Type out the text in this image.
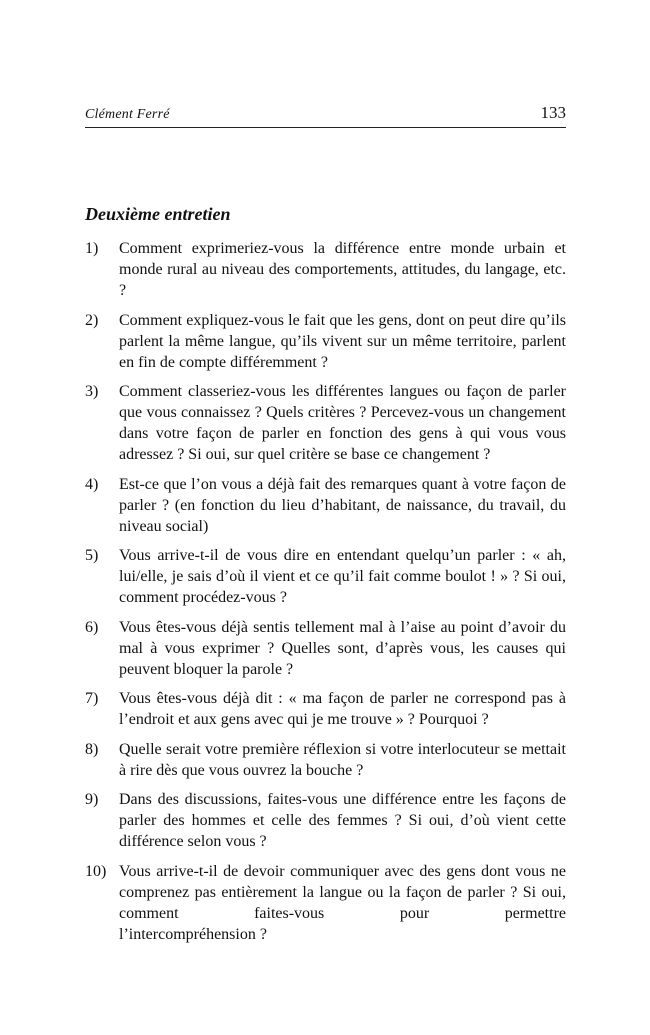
Clément Ferré	133
Deuxième entretien
1) Comment exprimeriez-vous la différence entre monde urbain et monde rural au niveau des comportements, attitudes, du langage, etc. ?
2) Comment expliquez-vous le fait que les gens, dont on peut dire qu’ils parlent la même langue, qu’ils vivent sur un même territoire, parlent en fin de compte différemment ?
3) Comment classeriez-vous les différentes langues ou façon de parler que vous connaissez ? Quels critères ? Percevez-vous un changement dans votre façon de parler en fonction des gens à qui vous vous adressez ? Si oui, sur quel critère se base ce changement ?
4) Est-ce que l’on vous a déjà fait des remarques quant à votre façon de parler ? (en fonction du lieu d’habitant, de naissance, du travail, du niveau social)
5) Vous arrive-t-il de vous dire en entendant quelqu’un parler : « ah, lui/elle, je sais d’où il vient et ce qu’il fait comme boulot ! » ? Si oui, comment procédez-vous ?
6) Vous êtes-vous déjà sentis tellement mal à l’aise au point d’avoir du mal à vous exprimer ? Quelles sont, d’après vous, les causes qui peuvent bloquer la parole ?
7) Vous êtes-vous déjà dit : « ma façon de parler ne correspond pas à l’endroit et aux gens avec qui je me trouve » ? Pourquoi ?
8) Quelle serait votre première réflexion si votre interlocuteur se mettait à rire dès que vous ouvrez la bouche ?
9) Dans des discussions, faites-vous une différence entre les façons de parler des hommes et celle des femmes ? Si oui, d’où vient cette différence selon vous ?
10) Vous arrive-t-il de devoir communiquer avec des gens dont vous ne comprenez pas entièrement la langue ou la façon de parler ? Si oui, comment faites-vous pour permettre
l’intercompréhension ?
